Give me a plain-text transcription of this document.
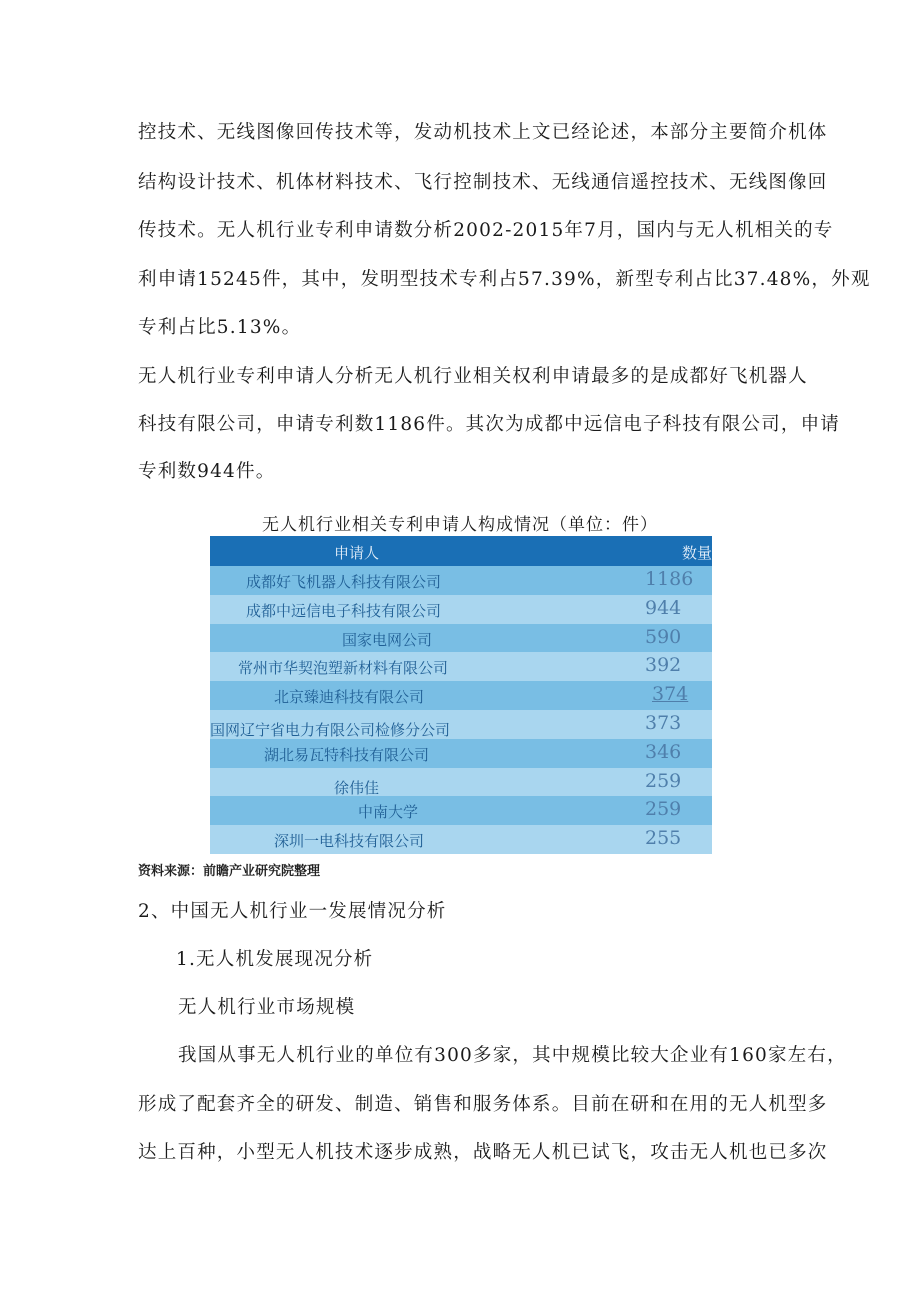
控技术、无线图像回传技术等，发动机技术上文已经论述，本部分主要简介机体
结构设计技术、机体材料技术、飞行控制技术、无线通信遥控技术、无线图像回
传技术。无人机行业专利申请数分析2002-2015年7月，国内与无人机相关的专
利申请15245件，其中，发明型技术专利占57.39%，新型专利占比37.48%，外观
专利占比5.13%。
无人机行业专利申请人分析无人机行业相关权利申请最多的是成都好飞机器人
科技有限公司，申请专利数1186件。其次为成都中远信电子科技有限公司，申请
专利数944件。
无人机行业相关专利申请人构成情况（单位：件）
申请人	数量
成都好飞机器人科技有限公司	1186
成都中远信电子科技有限公司	944
国家电网公司	590
常州市华契泡塑新材料有限公司	392
北京臻迪科技有限公司	374
国网辽宁省电力有限公司检修分公司	373
湖北易瓦特科技有限公司	346
徐伟佳	259
中南大学	259
深圳一电科技有限公司	255
资料来源：前瞻产业研究院整理
2、中国无人机行业一发展情况分析
1.无人机发展现况分析
无人机行业市场规模
我国从事无人机行业的单位有300多家，其中规模比较大企业有160家左右，
形成了配套齐全的研发、制造、销售和服务体系。目前在研和在用的无人机型多
达上百种，小型无人机技术逐步成熟，战略无人机已试飞，攻击无人机也已多次
